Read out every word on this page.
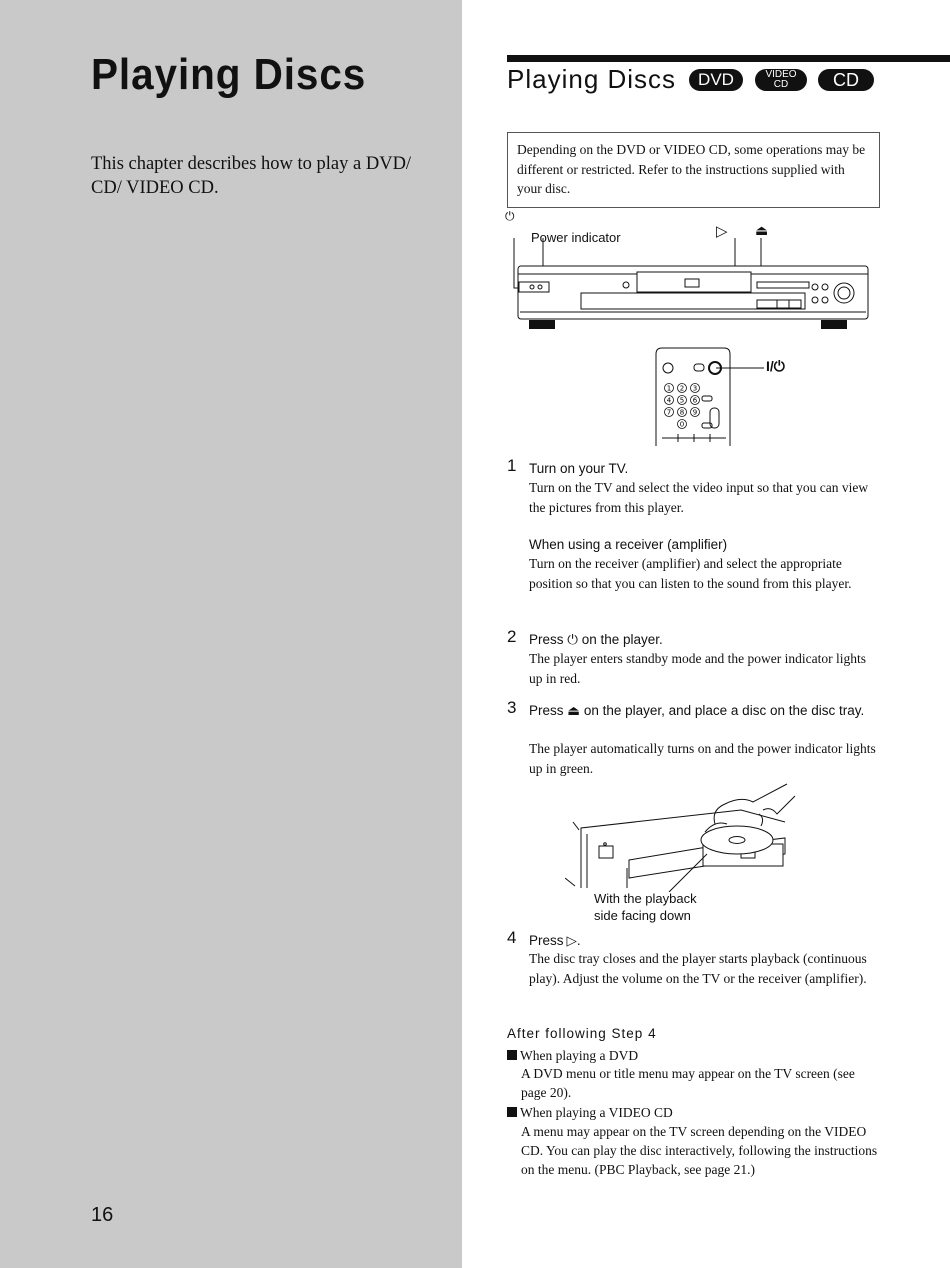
Playing Discs

This chapter describes how to play a DVD/ CD/ VIDEO CD.

16
Playing Discs	DVD	VIDEO
CD	CD
Depending on the DVD or VIDEO CD, some operations may be different or restricted. Refer to the instructions supplied with your disc.
⏻
Power indicator	▷ ⏏
I/⏻
1 2 3
4 5 6
7 8 9
0
1 Turn on your TV.

Turn on the TV and select the video input so that you can view the pictures from this player.

When using a receiver (amplifier)

Turn on the receiver (amplifier) and select the appropriate position so that you can listen to the sound from this player.

2 Press ⏻ on the player.

The player enters standby mode and the power indicator lights up in red.

3 Press ⏏ on the player, and place a disc on the disc tray.

The player automatically turns on and the power indicator lights up in green.

With the playback
side facing down
4 Press ▷.

The disc tray closes and the player starts playback (continuous play). Adjust the volume on the TV or the receiver (amplifier).

After following Step 4
When playing a DVD

A DVD menu or title menu may appear on the TV screen (see page 20).

When playing a VIDEO CD

A menu may appear on the TV screen depending on the VIDEO CD. You can play the disc interactively, following the instructions on the menu. (PBC Playback, see page 21.)
